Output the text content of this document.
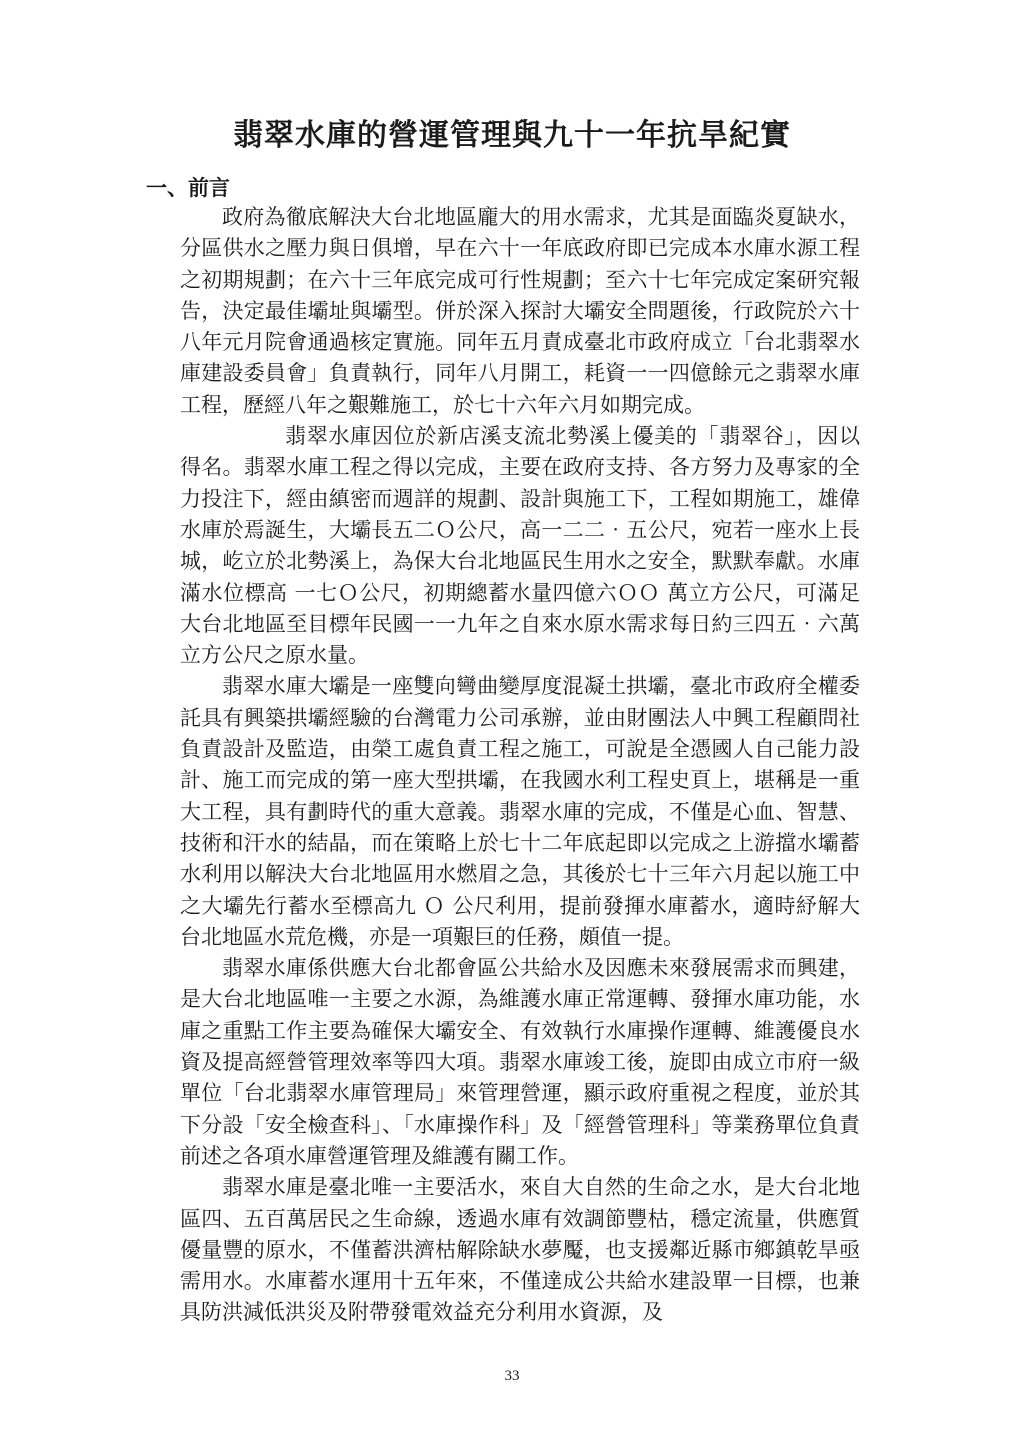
翡翠水庫的營運管理與九十一年抗旱紀實
一、前言

政府為徹底解決大台北地區龐大的用水需求，尤其是面臨炎夏缺水，分區供水之壓力與日俱增，早在六十一年底政府即已完成本水庫水源工程之初期規劃；在六十三年底完成可行性規劃；至六十七年完成定案研究報告，決定最佳壩址與壩型。併於深入探討大壩安全問題後，行政院於六十八年元月院會通過核定實施。同年五月責成臺北市政府成立「台北翡翠水庫建設委員會」負責執行，同年八月開工，耗資一一四億餘元之翡翠水庫工程，歷經八年之艱難施工，於七十六年六月如期完成。

翡翠水庫因位於新店溪支流北勢溪上優美的「翡翠谷」，因以得名。翡翠水庫工程之得以完成，主要在政府支持、各方努力及專家的全力投注下，經由縝密而週詳的規劃、設計與施工下，工程如期施工，雄偉水庫於焉誕生，大壩長五二Ｏ公尺，高一二二‧五公尺，宛若一座水上長城，屹立於北勢溪上，為保大台北地區民生用水之安全，默默奉獻。水庫滿水位標高 一七Ｏ公尺，初期總蓄水量四億六ＯＯ 萬立方公尺，可滿足大台北地區至目標年民國一一九年之自來水原水需求每日約三四五‧六萬立方公尺之原水量。

翡翠水庫大壩是一座雙向彎曲變厚度混凝土拱壩，臺北市政府全權委託具有興築拱壩經驗的台灣電力公司承辦，並由財團法人中興工程顧問社負責設計及監造，由榮工處負責工程之施工，可說是全憑國人自己能力設計、施工而完成的第一座大型拱壩，在我國水利工程史頁上，堪稱是一重大工程，具有劃時代的重大意義。翡翠水庫的完成，不僅是心血、智慧、技術和汗水的結晶，而在策略上於七十二年底起即以完成之上游擋水壩蓄水利用以解決大台北地區用水燃眉之急，其後於七十三年六月起以施工中之大壩先行蓄水至標高九 Ｏ 公尺利用，提前發揮水庫蓄水，適時紓解大台北地區水荒危機，亦是一項艱巨的任務，頗值一提。

翡翠水庫係供應大台北都會區公共給水及因應未來發展需求而興建，是大台北地區唯一主要之水源，為維護水庫正常運轉、發揮水庫功能，水庫之重點工作主要為確保大壩安全、有效執行水庫操作運轉、維護優良水資及提高經營管理效率等四大項。翡翠水庫竣工後，旋即由成立市府一級單位「台北翡翠水庫管理局」來管理營運，顯示政府重視之程度，並於其下分設「安全檢查科」、「水庫操作科」及「經營管理科」等業務單位負責前述之各項水庫營運管理及維護有關工作。

翡翠水庫是臺北唯一主要活水，來自大自然的生命之水，是大台北地區四、五百萬居民之生命線，透過水庫有效調節豐枯，穩定流量，供應質優量豐的原水，不僅蓄洪濟枯解除缺水夢魘，也支援鄰近縣市鄉鎮乾旱亟需用水。水庫蓄水運用十五年來，不僅達成公共給水建設單一目標，也兼具防洪減低洪災及附帶發電效益充分利用水資源，及

33
